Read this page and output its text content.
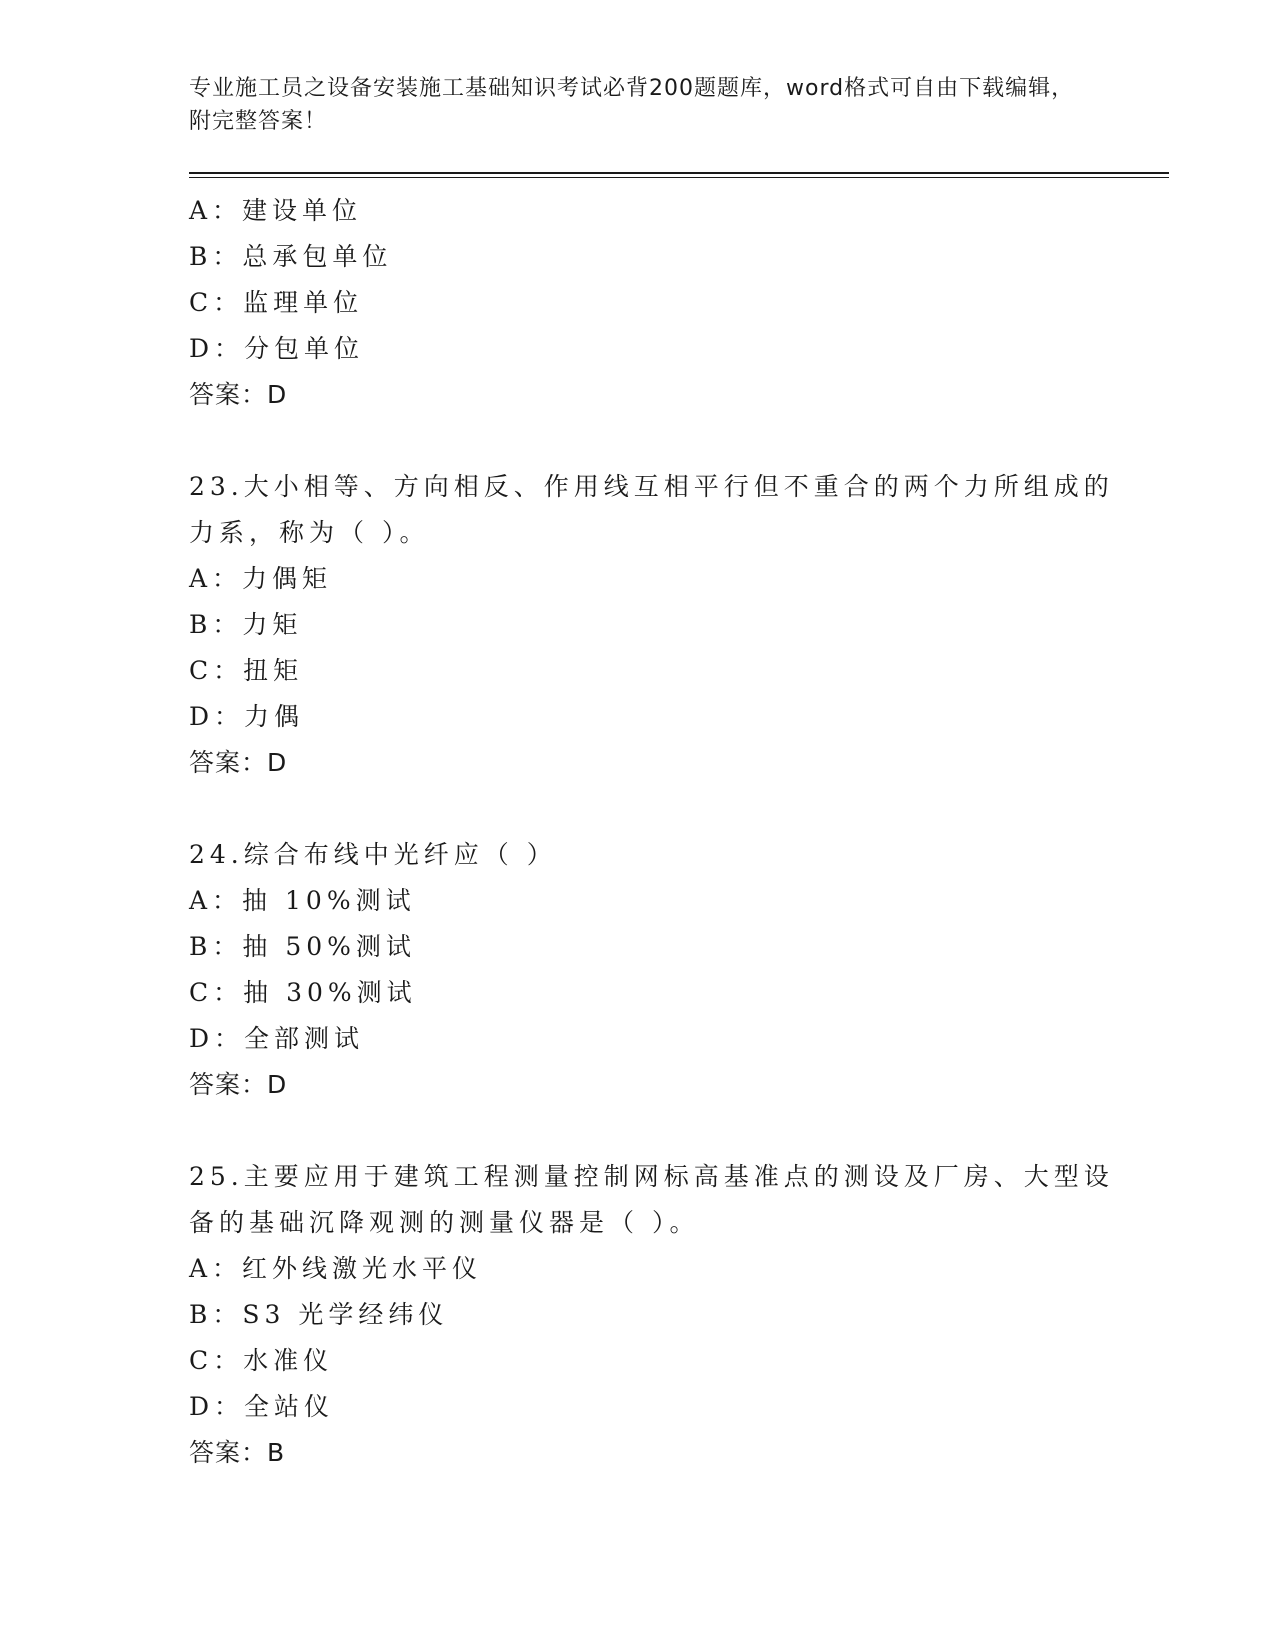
专业施工员之设备安装施工基础知识考试必背200题题库，word格式可自由下载编辑，附完整答案！
A：建设单位
B：总承包单位
C：监理单位
D：分包单位
答案：D
23.大小相等、方向相反、作用线互相平行但不重合的两个力所组成的
力系，称为（ ）。
A：力偶矩
B：力矩
C：扭矩
D：力偶
答案：D
24.综合布线中光纤应（ ）
A：抽 10%测试
B：抽 50%测试
C：抽 30%测试
D：全部测试
答案：D
25.主要应用于建筑工程测量控制网标高基准点的测设及厂房、大型设
备的基础沉降观测的测量仪器是（ ）。
A：红外线激光水平仪
B：S3 光学经纬仪
C：水准仪
D：全站仪
答案：B
